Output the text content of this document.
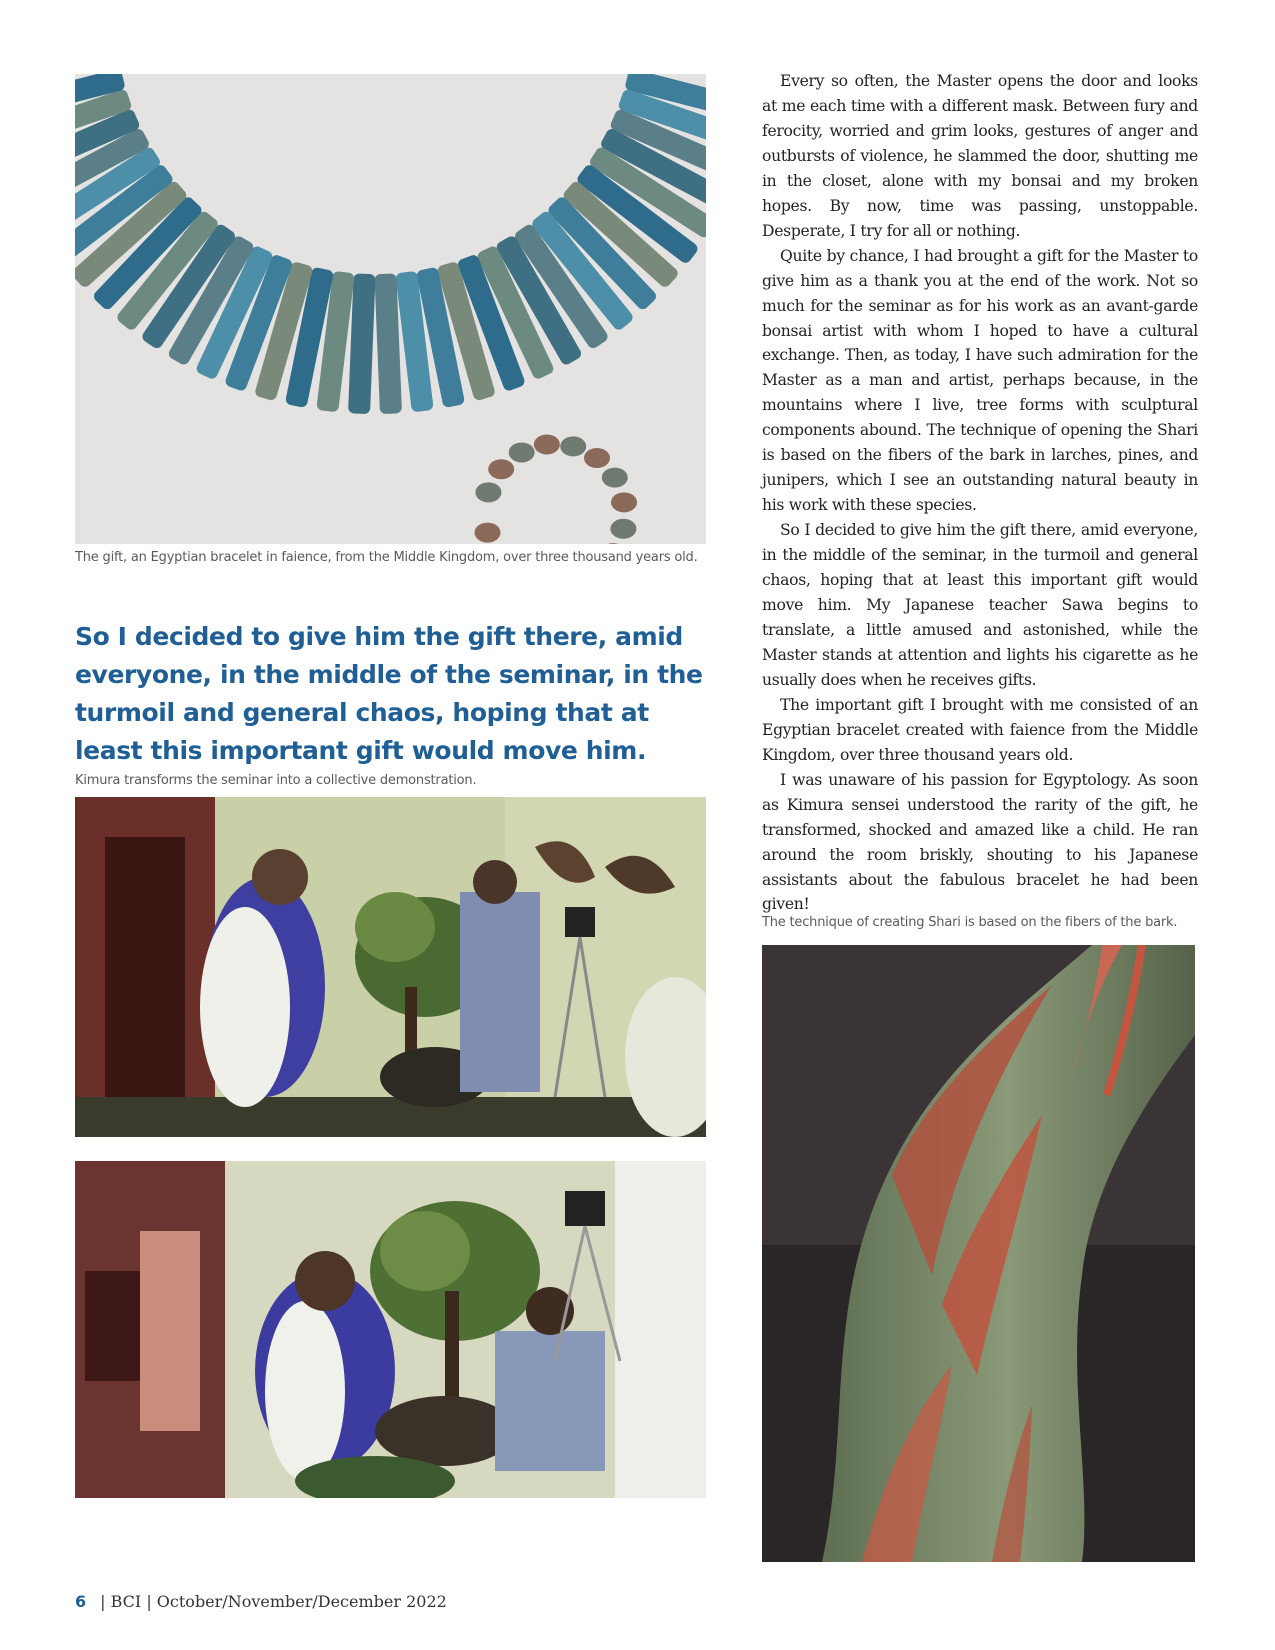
The gift, an Egyptian bracelet in faience, from the Middle Kingdom, over three thousand years old.
So I decided to give him the gift there, amid
everyone, in the middle of the seminar, in the
turmoil and general chaos, hoping that at
least this important gift would move him.
Kimura transforms the seminar into a collective demonstration.

Every so often, the Master opens the door and looks at me each time with a different mask. Between fury and ferocity, worried and grim looks, gestures of anger and outbursts of violence, he slammed the door, shutting me in the closet, alone with my bonsai and my broken hopes. By now, time was passing, unstoppable. Desperate, I try for all or nothing.

Quite by chance, I had brought a gift for the Master to give him as a thank you at the end of the work. Not so much for the seminar as for his work as an avant-garde bonsai artist with whom I hoped to have a cultural exchange. Then, as today, I have such admiration for the Master as a man and artist, perhaps because, in the mountains where I live, tree forms with sculptural components abound. The technique of opening the Shari is based on the fibers of the bark in larches, pines, and junipers, which I see an outstanding natural beauty in his work with these species.

So I decided to give him the gift there, amid everyone, in the middle of the seminar, in the turmoil and general chaos, hoping that at least this important gift would move him. My Japanese teacher Sawa begins to translate, a little amused and astonished, while the Master stands at attention and lights his cigarette as he usually does when he receives gifts.

The important gift I brought with me consisted of an Egyptian bracelet created with faience from the Middle Kingdom, over three thousand years old.

I was unaware of his passion for Egyptology. As soon as Kimura sensei understood the rarity of the gift, he transformed, shocked and amazed like a child. He ran around the room briskly, shouting to his Japanese assistants about the fabulous bracelet he had been given!

The technique of creating Shari is based on the fibers of the bark.
6 | BCI | October/November/December 2022
